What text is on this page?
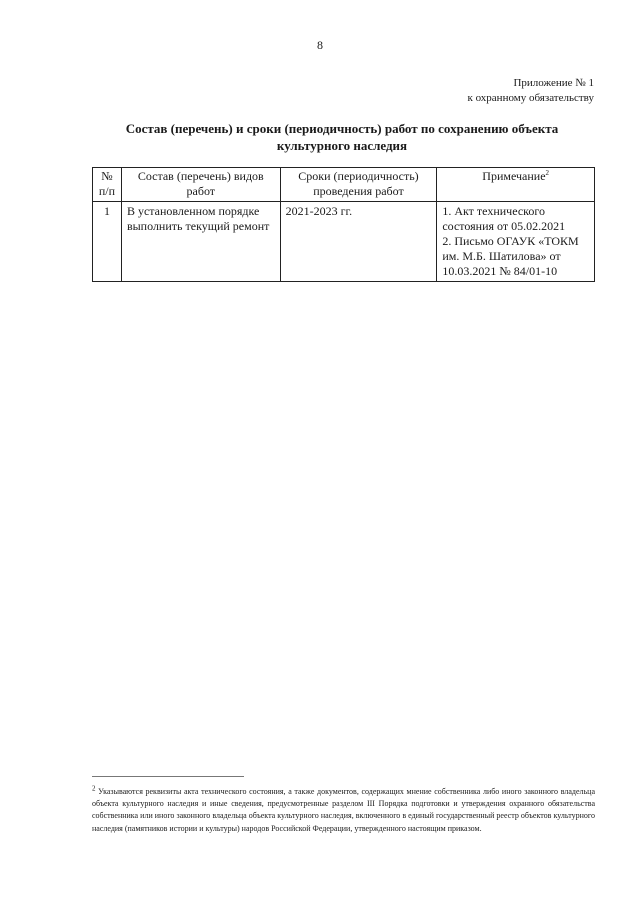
8
Приложение № 1
к охранному обязательству
Состав (перечень) и сроки (периодичность) работ по сохранению объекта культурного наследия
№
п/п	Состав (перечень) видов работ	Сроки (периодичность) проведения работ	Примечание$^2$
1	В установленном порядке выполнить текущий ремонт	2021-2023 гг.	1. Акт технического состояния от 05.02.2021
2. Письмо ОГАУК «ТОКМ им. М.Б. Шатилова» от 10.03.2021 № 84/01-10
$^2$ Указываются реквизиты акта технического состояния, а также документов, содержащих мнение собственника либо иного законного владельца объекта культурного наследия и иные сведения, предусмотренные разделом III Порядка подготовки и утверждения охранного обязательства собственника или иного законного владельца объекта культурного наследия, включенного в единый государственный реестр объектов культурного наследия (памятников истории и культуры) народов Российской Федерации, утвержденного настоящим приказом.
